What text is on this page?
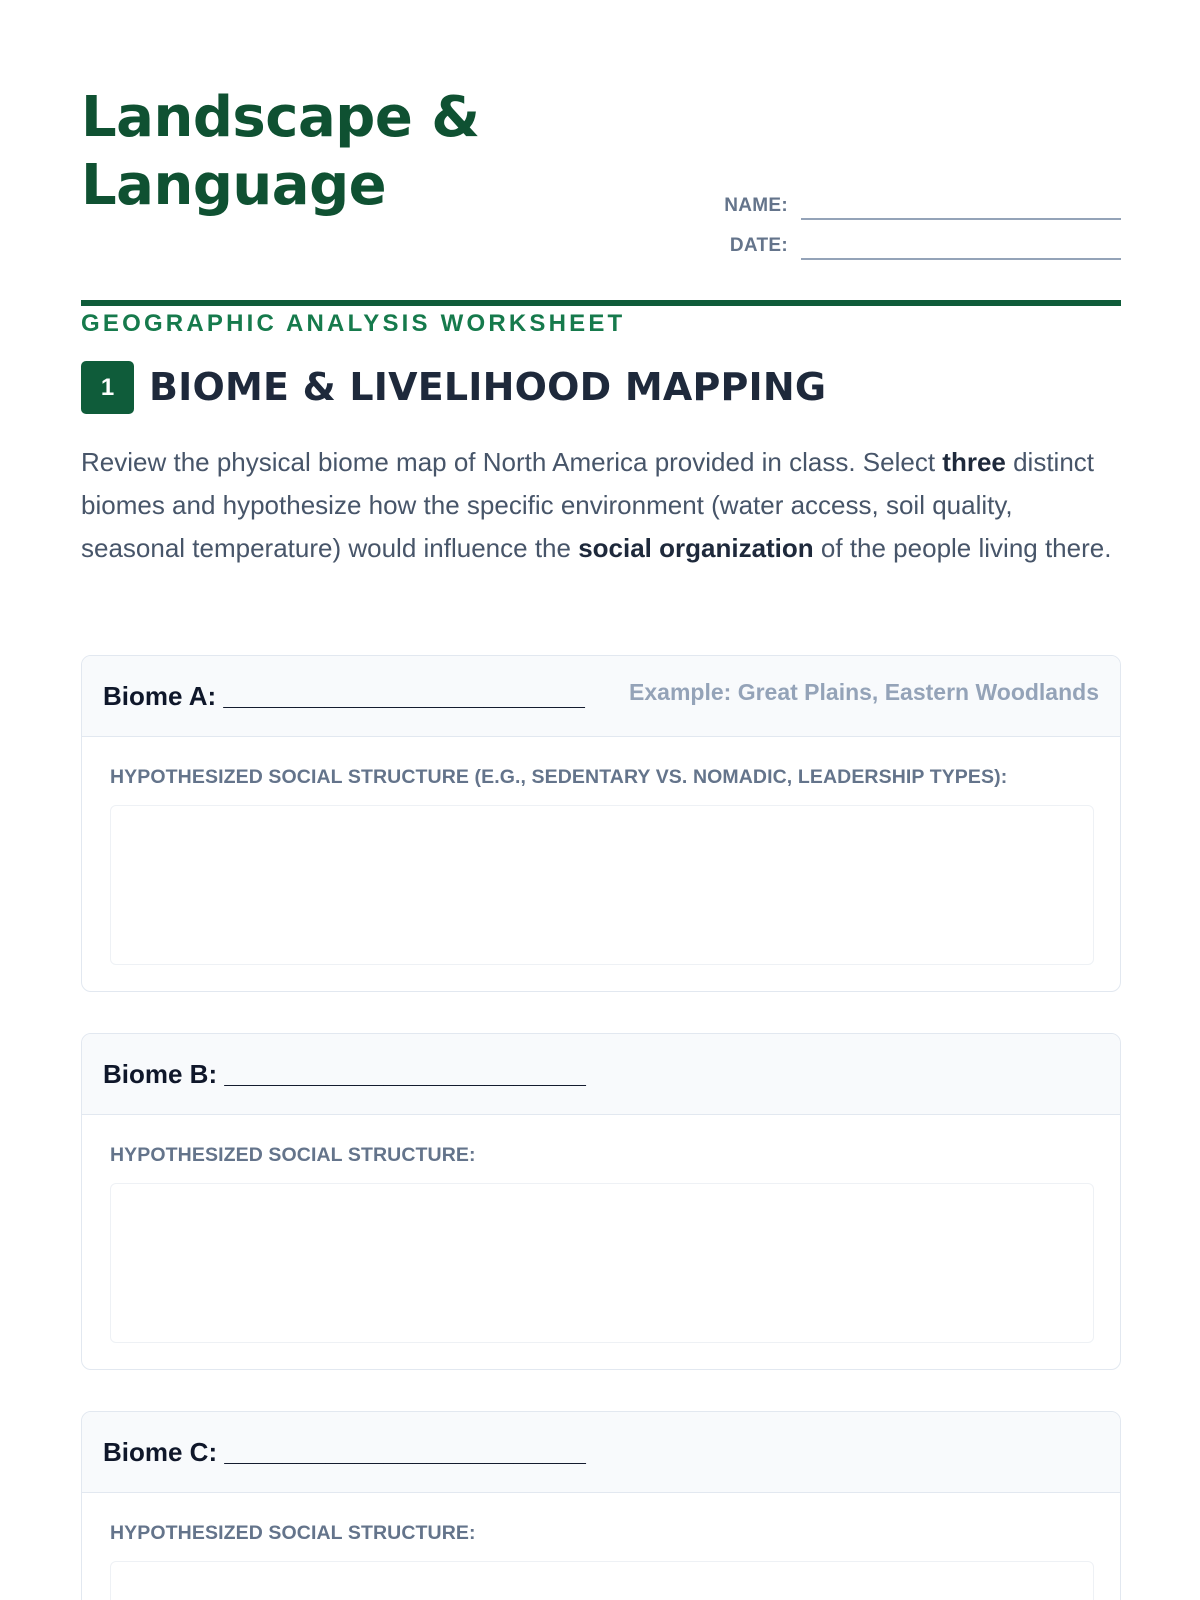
Landscape & Language
GEOGRAPHIC ANALYSIS WORKSHEET
NAME:
DATE:
1 BIOME & LIVELIHOOD MAPPING

Review the physical biome map of North America provided in class. Select three distinct biomes and hypothesize how the specific environment (water access, soil quality, seasonal temperature) would influence the social organization of the people living there.

Biome A: _________________________ Example: Great Plains, Eastern Woodlands
HYPOTHESIZED SOCIAL STRUCTURE (E.G., SEDENTARY VS. NOMADIC, LEADERSHIP TYPES):
Biome B: _________________________
HYPOTHESIZED SOCIAL STRUCTURE:
Biome C: _________________________
HYPOTHESIZED SOCIAL STRUCTURE:
